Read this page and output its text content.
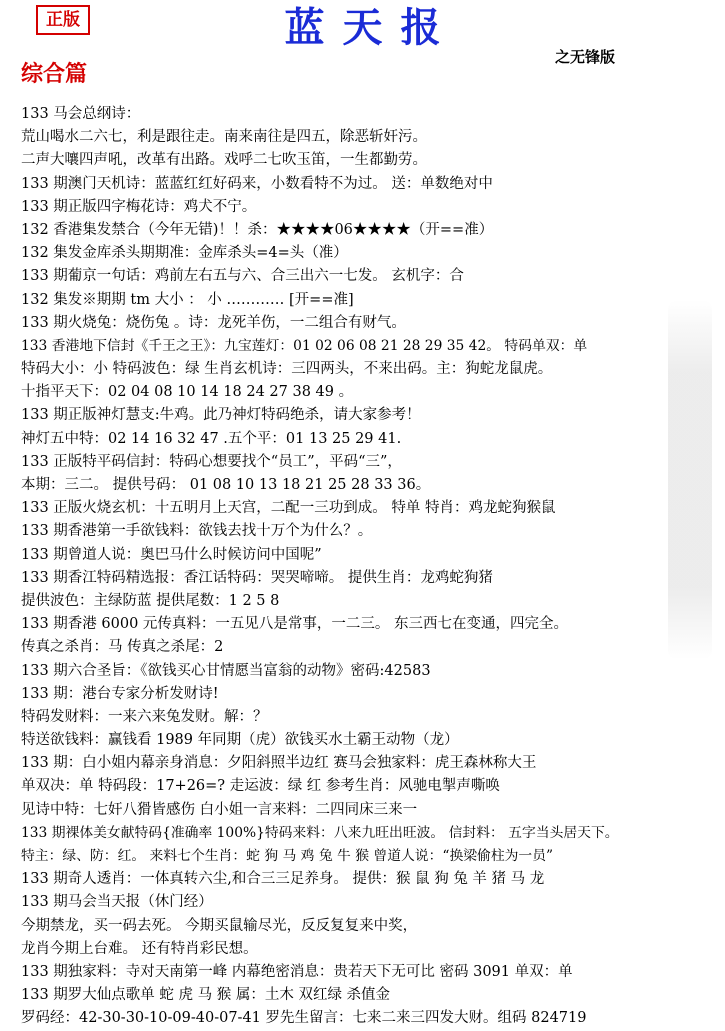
正版	蓝天报
之无锋版
综合篇
133 马会总纲诗：
荒山喝水二六七，利是跟往走。南来南往是四五，除恶斩奸污。
二声大嚷四声吼，改革有出路。戏呼二七吹玉笛，一生都勤劳。
133 期澳门天机诗：蓝蓝红红好码来，小数看特不为过。 送：单数绝对中
133 期正版四字梅花诗：鸡犬不宁。
132 香港集发禁合（今年无错)！！杀：★★★★06★★★★（开==准）
132 集发金库杀头期期准：金库杀头=4=头（准）
133 期葡京一句话：鸡前左右五与六、合三出六一七发。 玄机字：合
132 集发※期期 tm 大小 ： 小 ………… [开==准]
133 期火烧兔：烧伤兔 。诗：龙死羊伤，一二组合有财气。
133 香港地下信封《千王之王》：九宝莲灯：01 02 06 08 21 28 29 35 42。 特码单双：单
特码大小：小 特码波色：绿 生肖玄机诗：三四两头，不来出码。主：狗蛇龙鼠虎。
十指平天下：02 04 08 10 14 18 24 27 38 49 。
133 期正版神灯慧支:牛鸡。此乃神灯特码绝杀，请大家参考！
神灯五中特：02 14 16 32 47 .五个平：01 13 25 29 41.
133 正版特平码信封：特码心想要找个“员工”，平码“三”，
本期：三二。 提供号码： 01 08 10 13 18 21 25 28 33 36。
133 正版火烧玄机：十五明月上天宫，二配一三功到成。 特单 特肖：鸡龙蛇狗猴鼠
133 期香港第一手欲钱料：欲钱去找十万个为什么？。
133 期曾道人说：奥巴马什么时候访问中国呢”
133 期香江特码精选报：香江话特码：哭哭啼啼。 提供生肖：龙鸡蛇狗猪
提供波色：主绿防蓝 提供尾数：1 2 5 8
133 期香港 6000 元传真料：一五见八是常事，一二三。 东三西七在变通，四完全。
传真之杀肖：马 传真之杀尾：2
133 期六合圣旨：《欲钱买心甘情愿当富翁的动物》密码:42583
133 期：港台专家分析发财诗!
特码发财料：一来六来兔发财。解：？
特送欲钱料：赢钱看 1989 年同期（虎）欲钱买水土霸王动物（龙）
133 期：白小姐内幕亲身消息：夕阳斜照半边红 赛马会独家料：虎王森林称大王
单双决：单 特码段：17+26=? 走运波：绿 红 参考生肖：风驰电掣声嘶唤
见诗中特：七奸八猾皆感伤 白小姐一言来料：二四同床三来一
133 期裸体美女献特码{准确率 100%}特码来料：八来九旺出旺波。 信封料： 五字当头居天下。
特主：绿、防：红。 来料七个生肖：蛇 狗 马 鸡 兔 牛 猴 曾道人说：“换梁偷柱为一员”
133 期奇人透肖：一体真转六尘,和合三三足养身。 提供：猴 鼠 狗 兔 羊 猪 马 龙
133 期马会当天报（休门经）
今期禁龙，买一码去死。 今期买鼠输尽光，反反复复来中奖，
龙肖今期上台难。 还有特肖彩民想。
133 期独家料：寺对天南第一峰 内幕绝密消息：贵若天下无可比 密码 3091 单双：单
133 期罗大仙点歌单 蛇 虎 马 猴 属：土木 双红绿 杀值金
罗码经：42-30-30-10-09-40-07-41 罗先生留言：七来二来三四发大财。组码 824719
